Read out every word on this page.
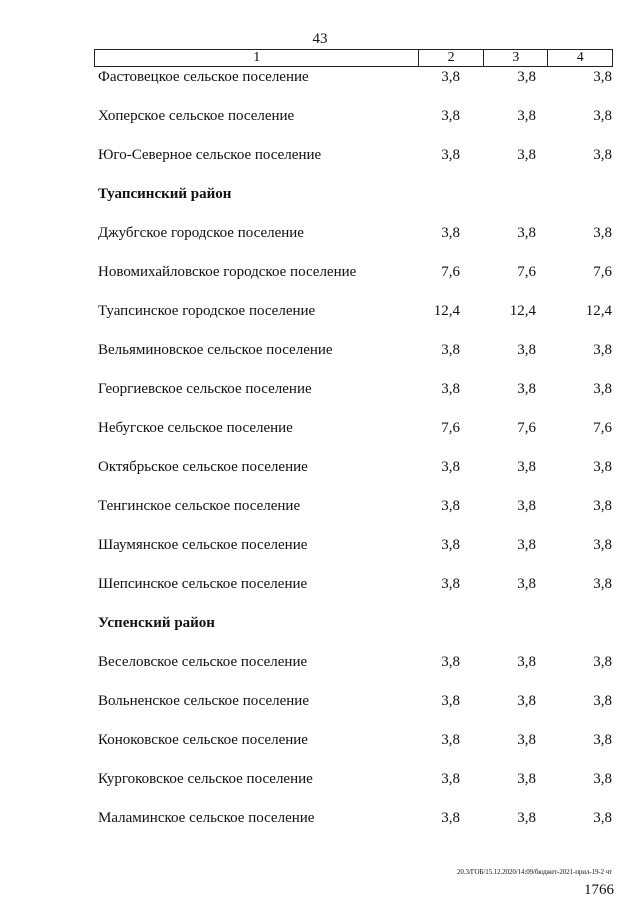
43
1	2	3	4
Фастовецкое сельское поселение	3,8	3,8	3,8
Хоперское сельское поселение	3,8	3,8	3,8
Юго-Северное сельское поселение	3,8	3,8	3,8
Туапсинский район
Джубгское городское поселение	3,8	3,8	3,8
Новомихайловское городское поселение	7,6	7,6	7,6
Туапсинское городское поселение	12,4	12,4	12,4
Вельяминовское сельское поселение	3,8	3,8	3,8
Георгиевское сельское поселение	3,8	3,8	3,8
Небугское сельское поселение	7,6	7,6	7,6
Октябрьское сельское поселение	3,8	3,8	3,8
Тенгинское сельское поселение	3,8	3,8	3,8
Шаумянское сельское поселение	3,8	3,8	3,8
Шепсинское сельское поселение	3,8	3,8	3,8
Успенский район
Веселовское сельское поселение	3,8	3,8	3,8
Вольненское сельское поселение	3,8	3,8	3,8
Коноковское сельское поселение	3,8	3,8	3,8
Кургоковское сельское поселение	3,8	3,8	3,8
Маламинское сельское поселение	3,8	3,8	3,8
20.3/ГОБ/15.12.2020/14:09/бюджет-2021-прил-19-2 чт
1766
